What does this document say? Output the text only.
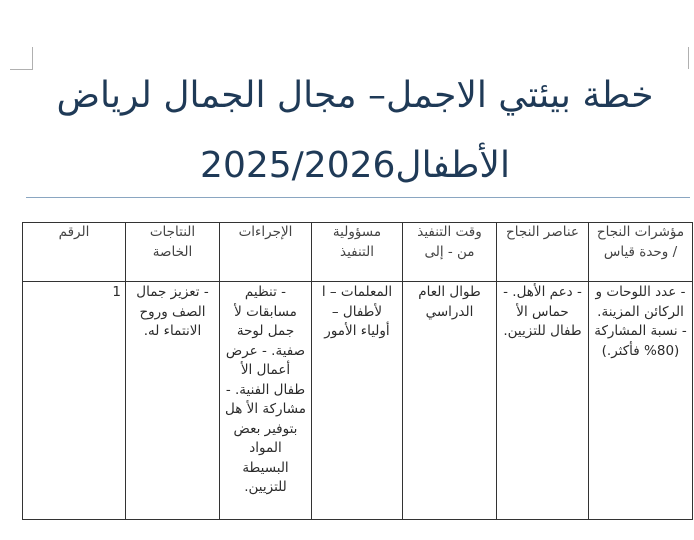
خطة بيئتي الاجمل– مجال الجمال لرياض
الأطفال2025/2026
مؤشرات النجاح / وحدة قياس	عناصر النجاح	وقت التنفيذ من - إلى	مسؤولية التنفيذ	الإجراءات	النتاجات الخاصة	الرقم
- عدد اللوحات و الركائن المزينة. - نسبة المشاركة (80% فأكثر.)	- دعم الأهل. - حماس الأ طفال للتزيين.	طوال العام الدراسي	المعلمات – ا لأطفال – أولياء الأمور	- تنظيم مسابقات لأ جمل لوحة صفية. - عرض أعمال الأ طفال الفنية. - مشاركة الأ هل بتوفير بعض المواد البسيطة للتزيين.	- تعزيز جمال الصف وروح الانتماء له.	1
